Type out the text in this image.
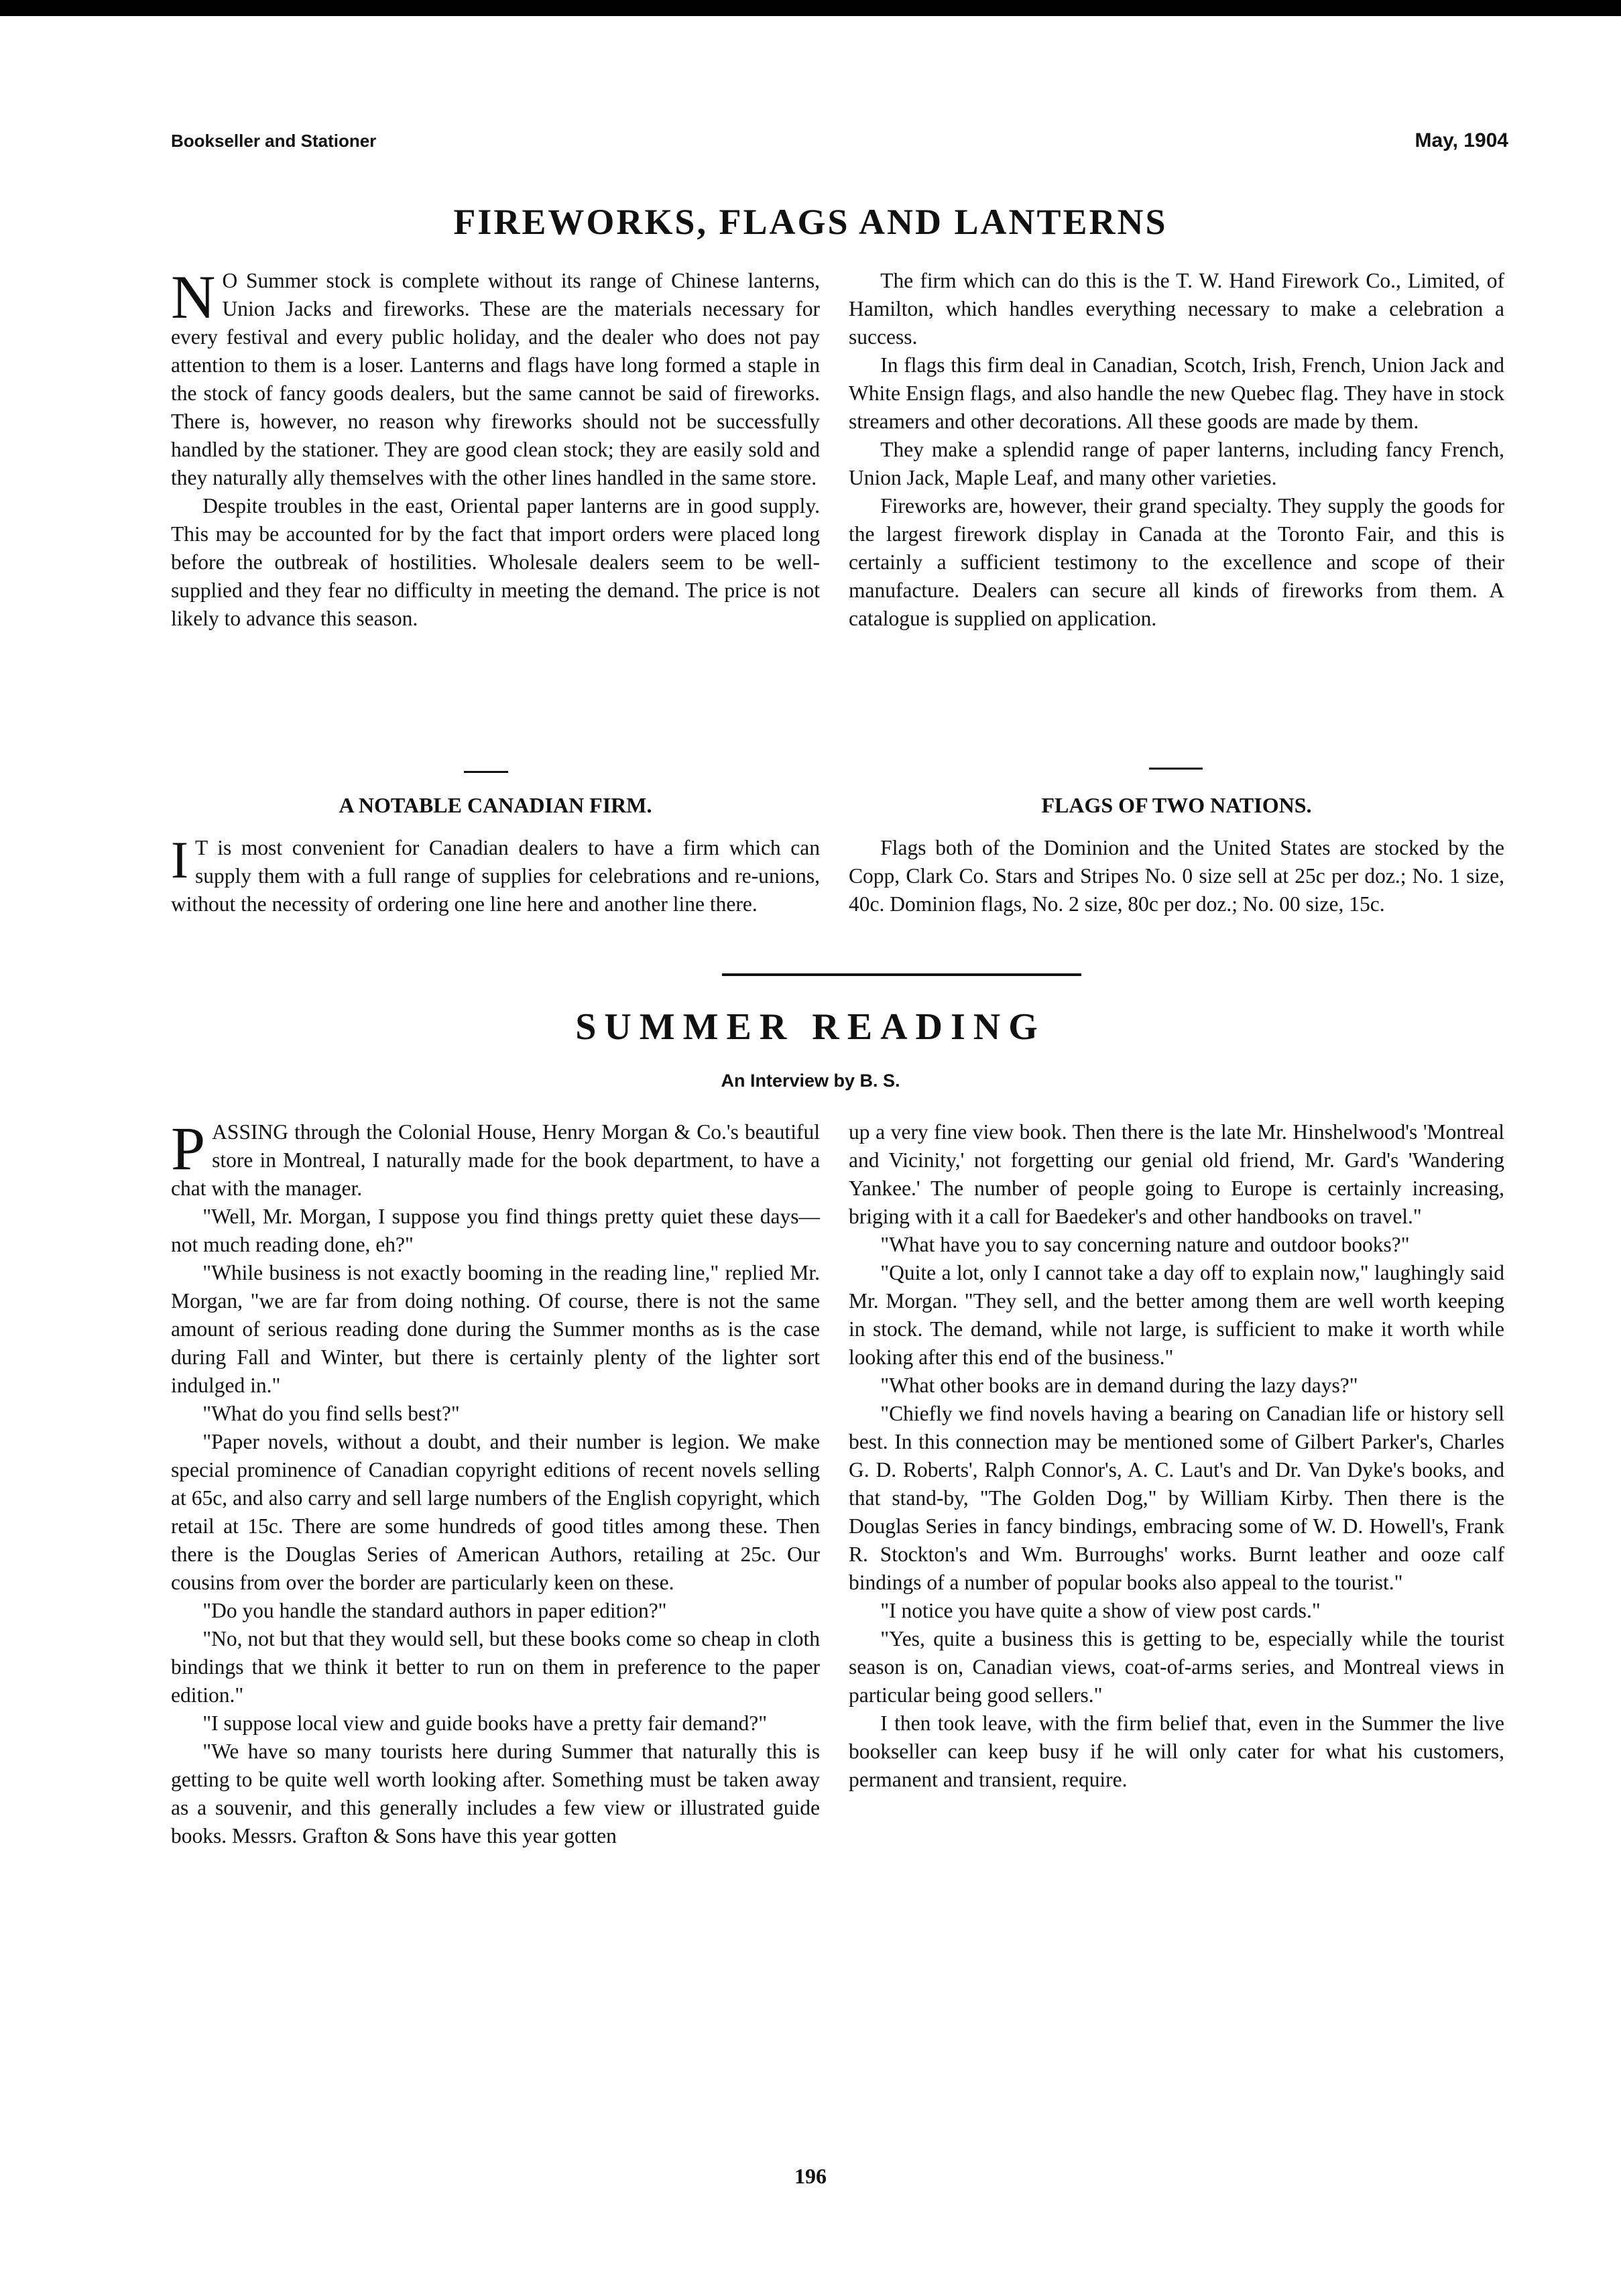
Bookseller and Stationer	May, 1904
FIREWORKS, FLAGS AND LANTERNS

N O Summer stock is complete without its range of Chinese lanterns, Union Jacks and fireworks. These are the materials necessary for every festival and every public holiday, and the dealer who does not pay attention to them is a loser. Lanterns and flags have long formed a staple in the stock of fancy goods dealers, but the same cannot be said of fireworks. There is, however, no reason why fireworks should not be successfully handled by the stationer. They are good clean stock; they are easily sold and they naturally ally themselves with the other lines handled in the same store.

Despite troubles in the east, Oriental paper lanterns are in good supply. This may be accounted for by the fact that import orders were placed long before the outbreak of hostilities. Wholesale dealers seem to be well-supplied and they fear no difficulty in meeting the demand. The price is not likely to advance this season.

The firm which can do this is the T. W. Hand Firework Co., Limited, of Hamilton, which handles everything necessary to make a celebration a success.

In flags this firm deal in Canadian, Scotch, Irish, French, Union Jack and White Ensign flags, and also handle the new Quebec flag. They have in stock streamers and other decorations. All these goods are made by them.

They make a splendid range of paper lanterns, including fancy French, Union Jack, Maple Leaf, and many other varieties.

Fireworks are, however, their grand specialty. They supply the goods for the largest firework display in Canada at the Toronto Fair, and this is certainly a sufficient testimony to the excellence and scope of their manufacture. Dealers can secure all kinds of fireworks from them. A catalogue is supplied on application.

A NOTABLE CANADIAN FIRM.

I T is most convenient for Canadian dealers to have a firm which can supply them with a full range of supplies for celebrations and re-unions, without the necessity of ordering one line here and another line there.

FLAGS OF TWO NATIONS.

Flags both of the Dominion and the United States are stocked by the Copp, Clark Co. Stars and Stripes No. 0 size sell at 25c per doz.; No. 1 size, 40c. Dominion flags, No. 2 size, 80c per doz.; No. 00 size, 15c.

SUMMER READING
An Interview by B. S.

PASSING through the Colonial House, Henry Morgan & Co.'s beautiful store in Montreal, I naturally made for the book department, to have a chat with the manager.

"Well, Mr. Morgan, I suppose you find things pretty quiet these days—not much reading done, eh?"

"While business is not exactly booming in the reading line," replied Mr. Morgan, "we are far from doing nothing. Of course, there is not the same amount of serious reading done during the Summer months as is the case during Fall and Winter, but there is certainly plenty of the lighter sort indulged in."

"What do you find sells best?"

"Paper novels, without a doubt, and their number is legion. We make special prominence of Canadian copyright editions of recent novels selling at 65c, and also carry and sell large numbers of the English copyright, which retail at 15c. There are some hundreds of good titles among these. Then there is the Douglas Series of American Authors, retailing at 25c. Our cousins from over the border are particularly keen on these.

"Do you handle the standard authors in paper edition?"

"No, not but that they would sell, but these books come so cheap in cloth bindings that we think it better to run on them in preference to the paper edition."

"I suppose local view and guide books have a pretty fair demand?"

"We have so many tourists here during Summer that naturally this is getting to be quite well worth looking after. Something must be taken away as a souvenir, and this generally includes a few view or illustrated guide books. Messrs. Grafton & Sons have this year gotten

up a very fine view book. Then there is the late Mr. Hinshelwood's 'Montreal and Vicinity,' not forgetting our genial old friend, Mr. Gard's 'Wandering Yankee.' The number of people going to Europe is certainly increasing, briging with it a call for Baedeker's and other handbooks on travel."

"What have you to say concerning nature and outdoor books?"

"Quite a lot, only I cannot take a day off to explain now," laughingly said Mr. Morgan. "They sell, and the better among them are well worth keeping in stock. The demand, while not large, is sufficient to make it worth while looking after this end of the business."

"What other books are in demand during the lazy days?"

"Chiefly we find novels having a bearing on Canadian life or history sell best. In this connection may be mentioned some of Gilbert Parker's, Charles G. D. Roberts', Ralph Connor's, A. C. Laut's and Dr. Van Dyke's books, and that stand-by, "The Golden Dog," by William Kirby. Then there is the Douglas Series in fancy bindings, embracing some of W. D. Howell's, Frank R. Stockton's and Wm. Burroughs' works. Burnt leather and ooze calf bindings of a number of popular books also appeal to the tourist."

"I notice you have quite a show of view post cards."

"Yes, quite a business this is getting to be, especially while the tourist season is on, Canadian views, coat-of-arms series, and Montreal views in particular being good sellers."

I then took leave, with the firm belief that, even in the Summer the live bookseller can keep busy if he will only cater for what his customers, permanent and transient, require.

196
